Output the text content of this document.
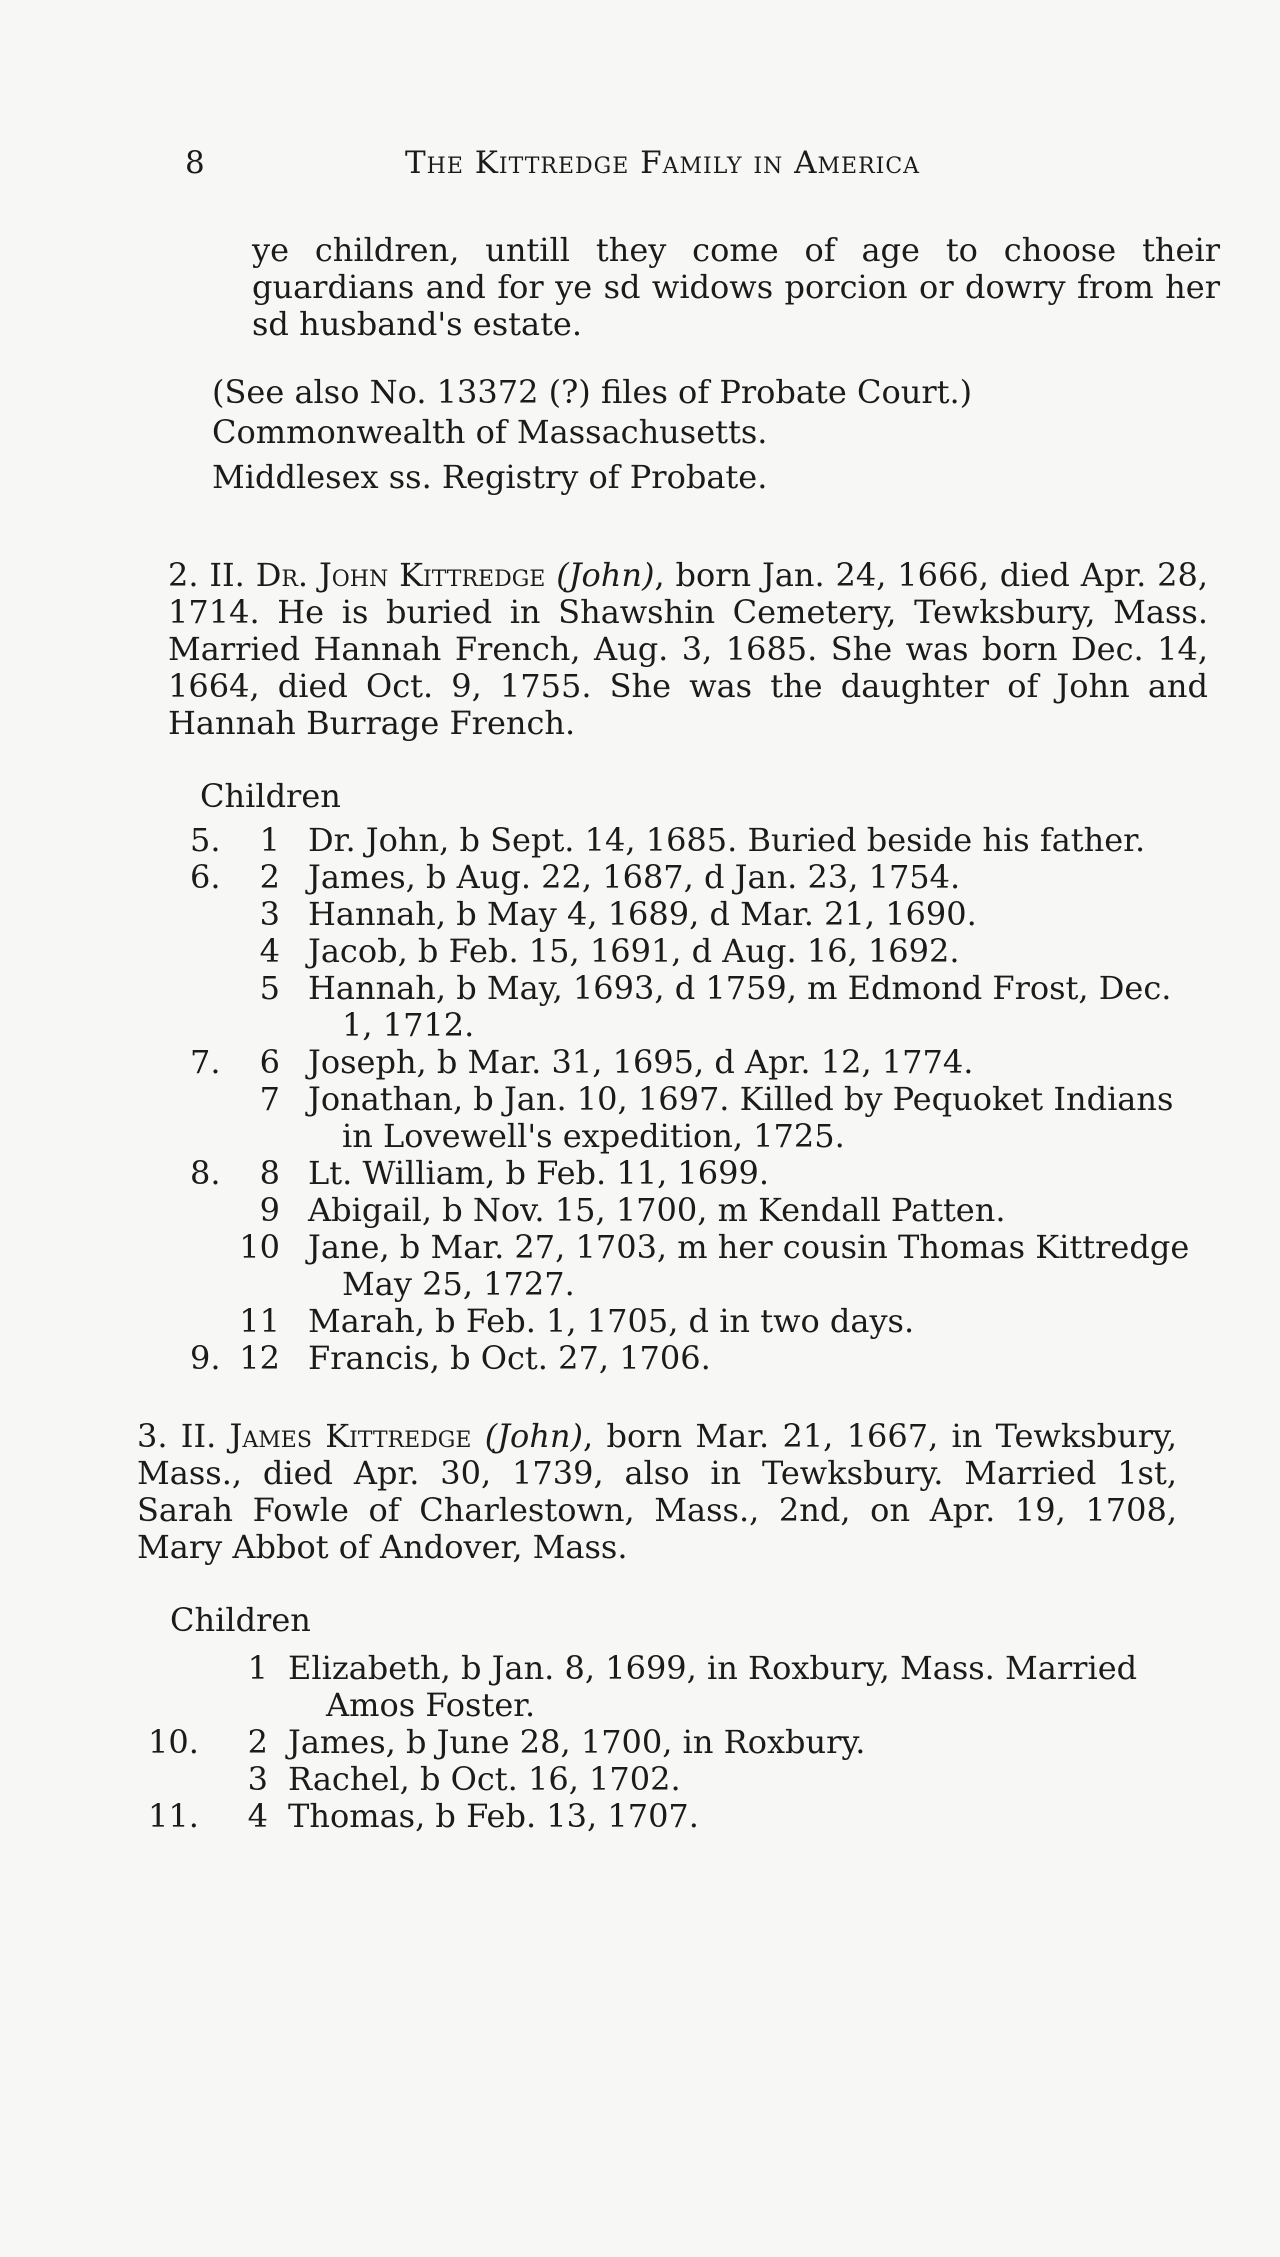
8	The Kittredge Family in America

ye children, untill they come of age to choose their guardians and for ye sd widows porcion or dowry from her sd husband's estate.

(See also No. 13372 (?) files of Probate Court.)
Commonwealth of Massachusetts.
Middlesex ss. Registry of Probate.

2. II. Dr. John Kittredge (John), born Jan. 24, 1666, died Apr. 28, 1714. He is buried in Shawshin Cemetery, Tewksbury, Mass. Married Hannah French, Aug. 3, 1685. She was born Dec. 14, 1664, died Oct. 9, 1755. She was the daughter of John and Hannah Burrage French.

Children
5.	1 Dr. John, b Sept. 14, 1685. Buried beside his father.
6.	2 James, b Aug. 22, 1687, d Jan. 23, 1754.
3 Hannah, b May 4, 1689, d Mar. 21, 1690.
4 Jacob, b Feb. 15, 1691, d Aug. 16, 1692.
5 Hannah, b May, 1693, d 1759, m Edmond Frost, Dec.
1, 1712.
7.	6 Joseph, b Mar. 31, 1695, d Apr. 12, 1774.
7 Jonathan, b Jan. 10, 1697. Killed by Pequoket Indians
in Lovewell's expedition, 1725.
8.	8 Lt. William, b Feb. 11, 1699.
9 Abigail, b Nov. 15, 1700, m Kendall Patten.
10 Jane, b Mar. 27, 1703, m her cousin Thomas Kittredge
May 25, 1727.
11 Marah, b Feb. 1, 1705, d in two days.
9. 12 Francis, b Oct. 27, 1706.

3. II. James Kittredge (John), born Mar. 21, 1667, in Tewksbury, Mass., died Apr. 30, 1739, also in Tewksbury. Married 1st, Sarah Fowle of Charlestown, Mass., 2nd, on Apr. 19, 1708, Mary Abbot of Andover, Mass.

Children
1 Elizabeth, b Jan. 8, 1699, in Roxbury, Mass. Married
Amos Foster.
10.	2 James, b June 28, 1700, in Roxbury.
3 Rachel, b Oct. 16, 1702.
11.	4 Thomas, b Feb. 13, 1707.
